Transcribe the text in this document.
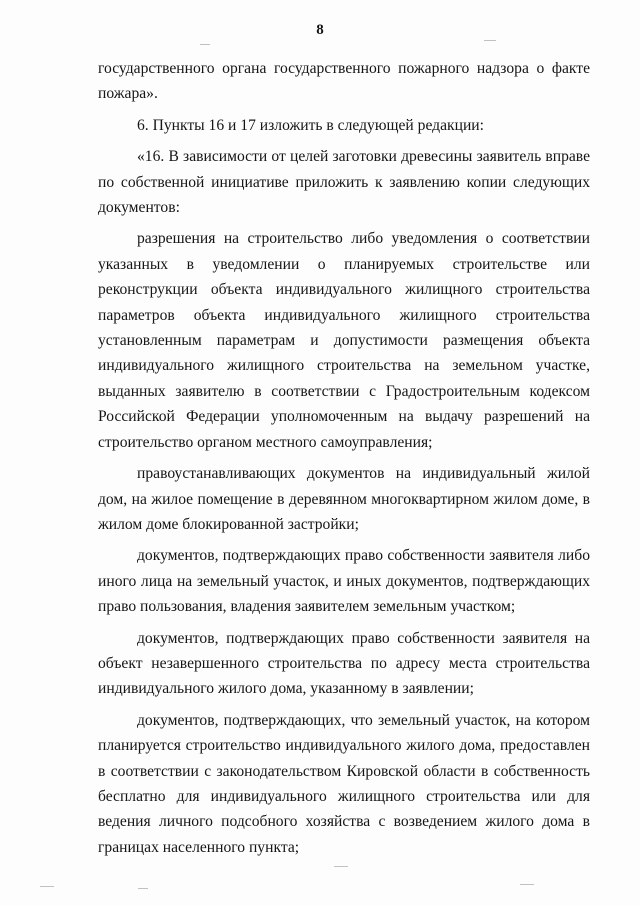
8

государственного органа государственного пожарного надзора о факте пожара».

6. Пункты 16 и 17 изложить в следующей редакции:

«16. В зависимости от целей заготовки древесины заявитель вправе по собственной инициативе приложить к заявлению копии следующих документов:

разрешения на строительство либо уведомления о соответствии указанных в уведомлении о планируемых строительстве или реконструкции объекта индивидуального жилищного строительства параметров объекта индивидуального жилищного строительства установленным параметрам и допустимости размещения объекта индивидуального жилищного строительства на земельном участке, выданных заявителю в соответствии с Градостроительным кодексом Российской Федерации уполномоченным на выдачу разрешений на строительство органом местного самоуправления;

правоустанавливающих документов на индивидуальный жилой дом, на жилое помещение в деревянном многоквартирном жилом доме, в жилом доме блокированной застройки;

документов, подтверждающих право собственности заявителя либо иного лица на земельный участок, и иных документов, подтверждающих право пользования, владения заявителем земельным участком;

документов, подтверждающих право собственности заявителя на объект незавершенного строительства по адресу места строительства индивидуального жилого дома, указанному в заявлении;

документов, подтверждающих, что земельный участок, на котором планируется строительство индивидуального жилого дома, предоставлен в соответствии с законодательством Кировской области в собственность бесплатно для индивидуального жилищного строительства или для ведения личного подсобного хозяйства с возведением жилого дома в границах населенного пункта;
